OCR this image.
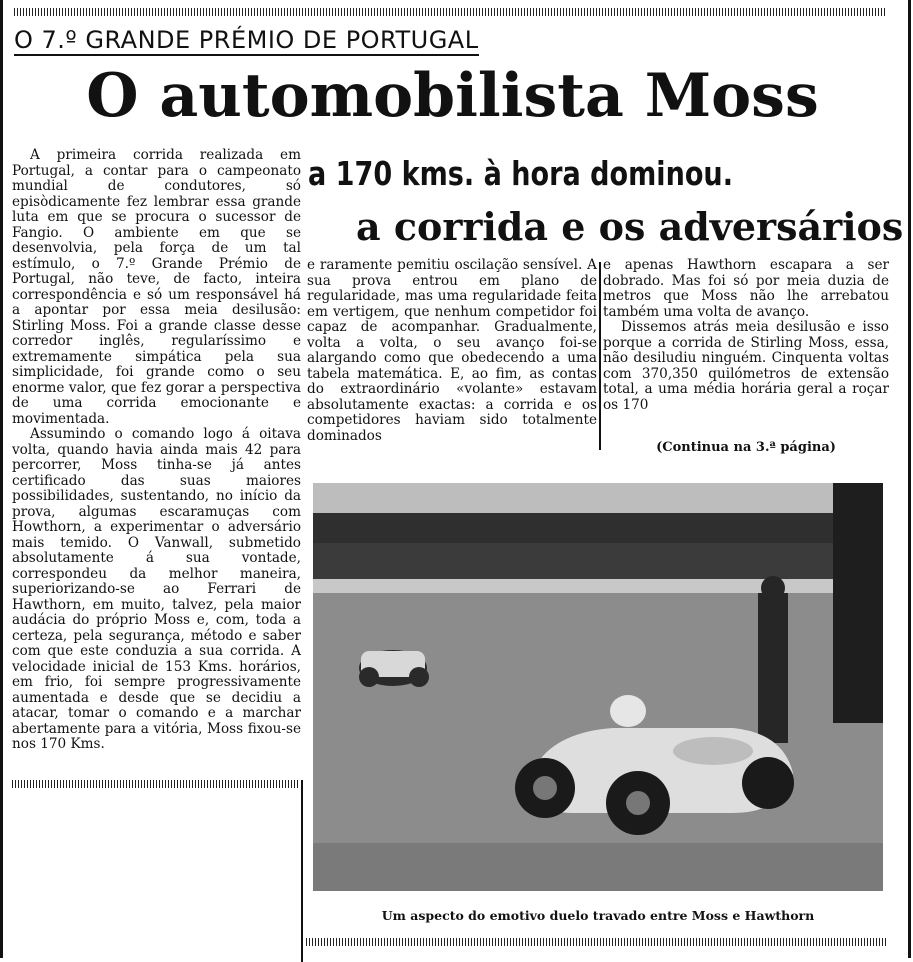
O 7.º GRANDE PRÉMIO DE PORTUGAL
O automobilista Moss
a 170 kms. à hora dominou.
a corrida e os adversários

A primeira corrida realizada em Portugal, a contar para o campeonato mundial de condutores, só episòdicamente fez lembrar essa grande luta em que se procura o sucessor de Fangio. O ambiente em que se desenvolvia, pela força de um tal estímulo, o 7.º Grande Prémio de Portugal, não teve, de facto, inteira correspondência e só um responsável há a apontar por essa meia desilusão: Stirling Moss. Foi a grande classe desse corredor inglês, regularíssimo e extremamente simpática pela sua simplicidade, foi grande como o seu enorme valor, que fez gorar a perspectiva de uma corrida emocionante e movimentada.

Assumindo o comando logo á oitava volta, quando havia ainda mais 42 para percorrer, Moss tinha-se já antes certificado das suas maiores possibilidades, sustentando, no início da prova, algumas escaramuças com Howthorn, a experimentar o adversário mais temido. O Vanwall, submetido absolutamente á sua vontade, correspondeu da melhor maneira, superiorizando-se ao Ferrari de Hawthorn, em muito, talvez, pela maior audácia do próprio Moss e, com, toda a certeza, pela segurança, método e saber com que este conduzia a sua corrida. A velocidade inicial de 153 Kms. horários, em frio, foi sempre progressivamente aumentada e desde que se decidiu a atacar, tomar o comando e a marchar abertamente para a vitória, Moss fixou-se nos 170 Kms.

e raramente pemitiu oscilação sensível. A sua prova entrou em plano de regularidade, mas uma regularidade feita em vertigem, que nenhum competidor foi capaz de acompanhar. Gradualmente, volta a volta, o seu avanço foi-se alargando como que obedecendo a uma tabela matemática. E, ao fim, as contas do extraordinário «volante» estavam absolutamente exactas: a corrida e os competidores haviam sido totalmente dominados

e apenas Hawthorn escapara a ser dobrado. Mas foi só por meia duzia de metros que Moss não lhe arrebatou também uma volta de avanço.

Dissemos atrás meia desilusão e isso porque a corrida de Stirling Moss, essa, não desiludiu ninguém. Cinquenta voltas com 370,350 quilómetros de extensão total, a uma média horária geral a roçar os 170

(Continua na 3.ª página)
Um aspecto do emotivo duelo travado entre Moss e Hawthorn
